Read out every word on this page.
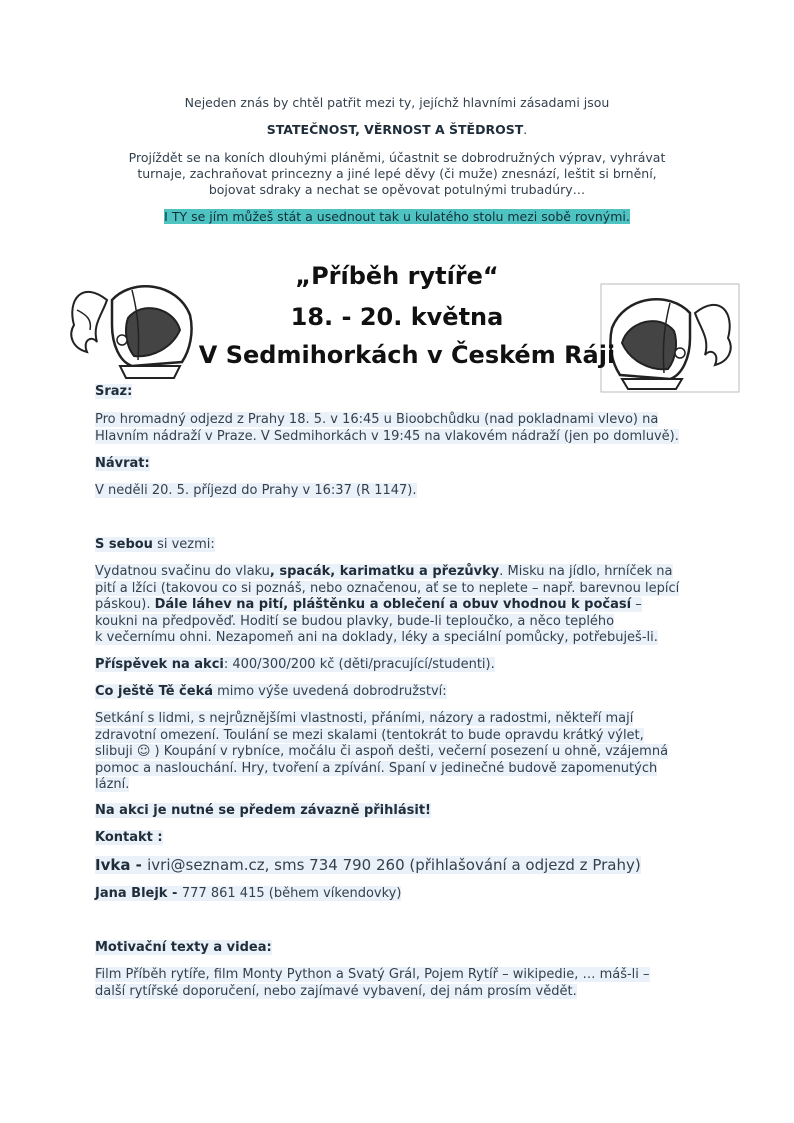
Nejeden znás by chtěl patřit mezi ty, jejíchž hlavními zásadami jsou
STATEČNOST, VĚRNOST A ŠTĚDROST.
Projíždět se na koních dlouhými pláněmi, účastnit se dobrodružných výprav, vyhrávat
turnaje, zachraňovat princezny a jiné lepé děvy (či muže) znesnází, leštit si brnění,
bojovat sdraky a nechat se opěvovat potulnými trubadúry…
I TY se jím můžeš stát a usednout tak u kulatého stolu mezi sobě rovnými.
„Příběh rytíře“
18. - 20. května
V Sedmihorkách v Českém Ráji
Sraz:
Pro hromadný odjezd z Prahy 18. 5. v 16:45 u Bioobchůdku (nad pokladnami vlevo) na
Hlavním nádraží v Praze. V Sedmihorkách v 19:45 na vlakovém nádraží (jen po domluvě).
Návrat:
V neděli 20. 5. příjezd do Prahy v 16:37 (R 1147).
S sebou si vezmi:
Vydatnou svačinu do vlaku, spacák, karimatku a přezůvky. Misku na jídlo, hrníček na
pití a lžíci (takovou co si poznáš, nebo označenou, ať se to neplete – např. barevnou lepící
páskou). Dále láhev na pití, pláštěnku a oblečení a obuv vhodnou k počasí –
koukni na předpověď. Hodití se budou plavky, bude-li teploučko, a něco teplého
k večernímu ohni. Nezapomeň ani na doklady, léky a speciální pomůcky, potřebuješ-li.
Příspěvek na akci: 400/300/200 kč (děti/pracující/studenti).
Co ještě Tě čeká mimo výše uvedená dobrodružství:
Setkání s lidmi, s nejrůznějšími vlastnosti, přáními, názory a radostmi, někteří mají
zdravotní omezení. Toulání se mezi skalami (tentokrát to bude opravdu krátký výlet,
slibuji ☺ ) Koupání v rybníce, močálu či aspoň dešti, večerní posezení u ohně, vzájemná
pomoc a naslouchání. Hry, tvoření a zpívání. Spaní v jedinečné budově zapomenutých
lázní.
Na akci je nutné se předem závazně přihlásit!
Kontakt :
Ivka - ivri@seznam.cz, sms 734 790 260 (přihlašování a odjezd z Prahy)
Jana Blejk - 777 861 415 (během víkendovky)
Motivační texty a videa:
Film Příběh rytíře, film Monty Python a Svatý Grál, Pojem Rytíř – wikipedie, … máš-li –
další rytířské doporučení, nebo zajímavé vybavení, dej nám prosím vědět.
